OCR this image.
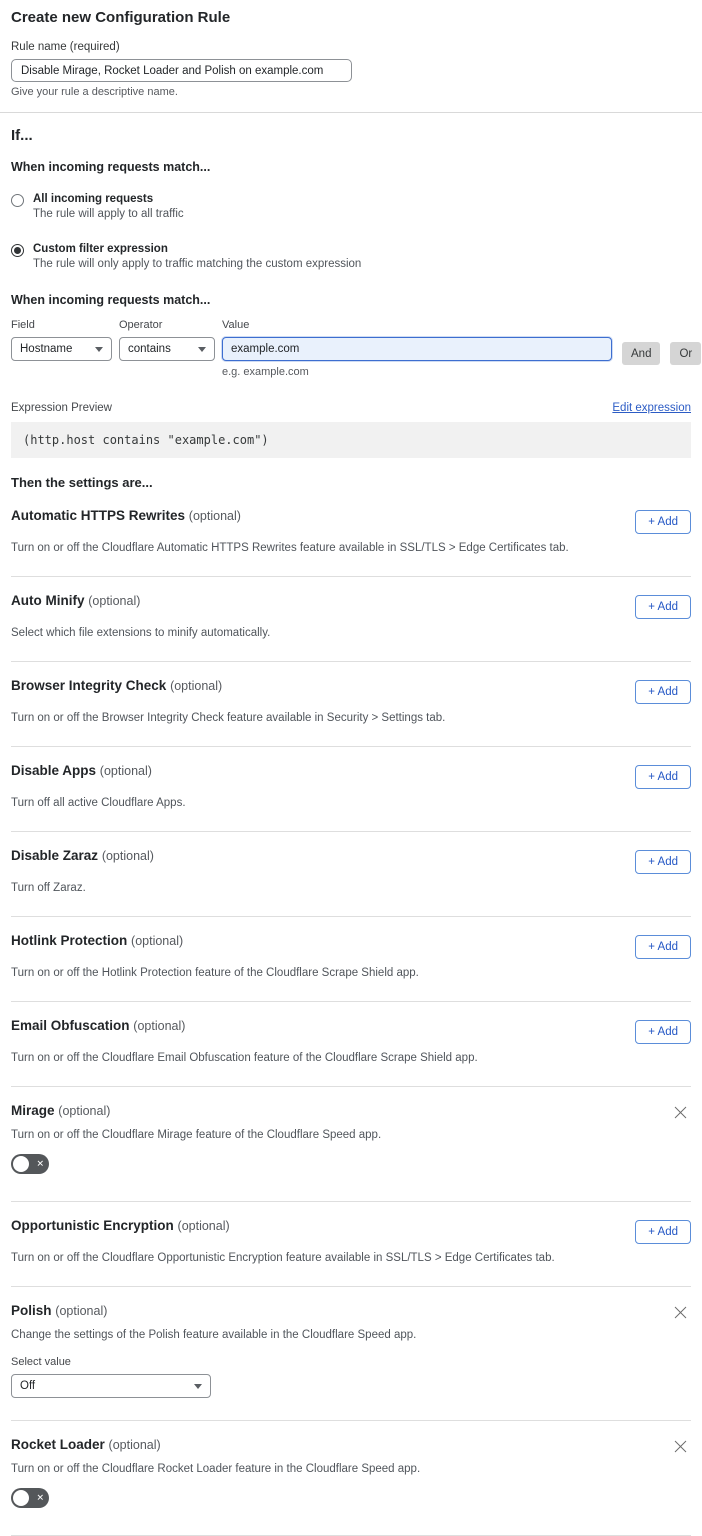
Create new Configuration Rule
Rule name (required)
Disable Mirage, Rocket Loader and Polish on example.com
Give your rule a descriptive name.
If...
When incoming requests match...
All incoming requests
The rule will apply to all traffic
Custom filter expression
The rule will only apply to traffic matching the custom expression
When incoming requests match...
Field
Hostname
Operator
contains
Value
example.com
e.g. example.com
And	Or
Expression Preview	Edit expression
(http.host contains "example.com")
Then the settings are...
Automatic HTTPS Rewrites (optional)	+ Add

Turn on or off the Cloudflare Automatic HTTPS Rewrites feature available in SSL/TLS > Edge Certificates tab.

Auto Minify (optional)	+ Add

Select which file extensions to minify automatically.

Browser Integrity Check (optional)	+ Add

Turn on or off the Browser Integrity Check feature available in Security > Settings tab.

Disable Apps (optional)	+ Add

Turn off all active Cloudflare Apps.

Disable Zaraz (optional)	+ Add

Turn off Zaraz.

Hotlink Protection (optional)	+ Add

Turn on or off the Hotlink Protection feature of the Cloudflare Scrape Shield app.

Email Obfuscation (optional)	+ Add

Turn on or off the Cloudflare Email Obfuscation feature of the Cloudflare Scrape Shield app.

Mirage (optional)

Turn on or off the Cloudflare Mirage feature of the Cloudflare Speed app.

✕
Opportunistic Encryption (optional)	+ Add

Turn on or off the Cloudflare Opportunistic Encryption feature available in SSL/TLS > Edge Certificates tab.

Polish (optional)

Change the settings of the Polish feature available in the Cloudflare Speed app.

Select value
Off
Rocket Loader (optional)

Turn on or off the Cloudflare Rocket Loader feature in the Cloudflare Speed app.

✕
